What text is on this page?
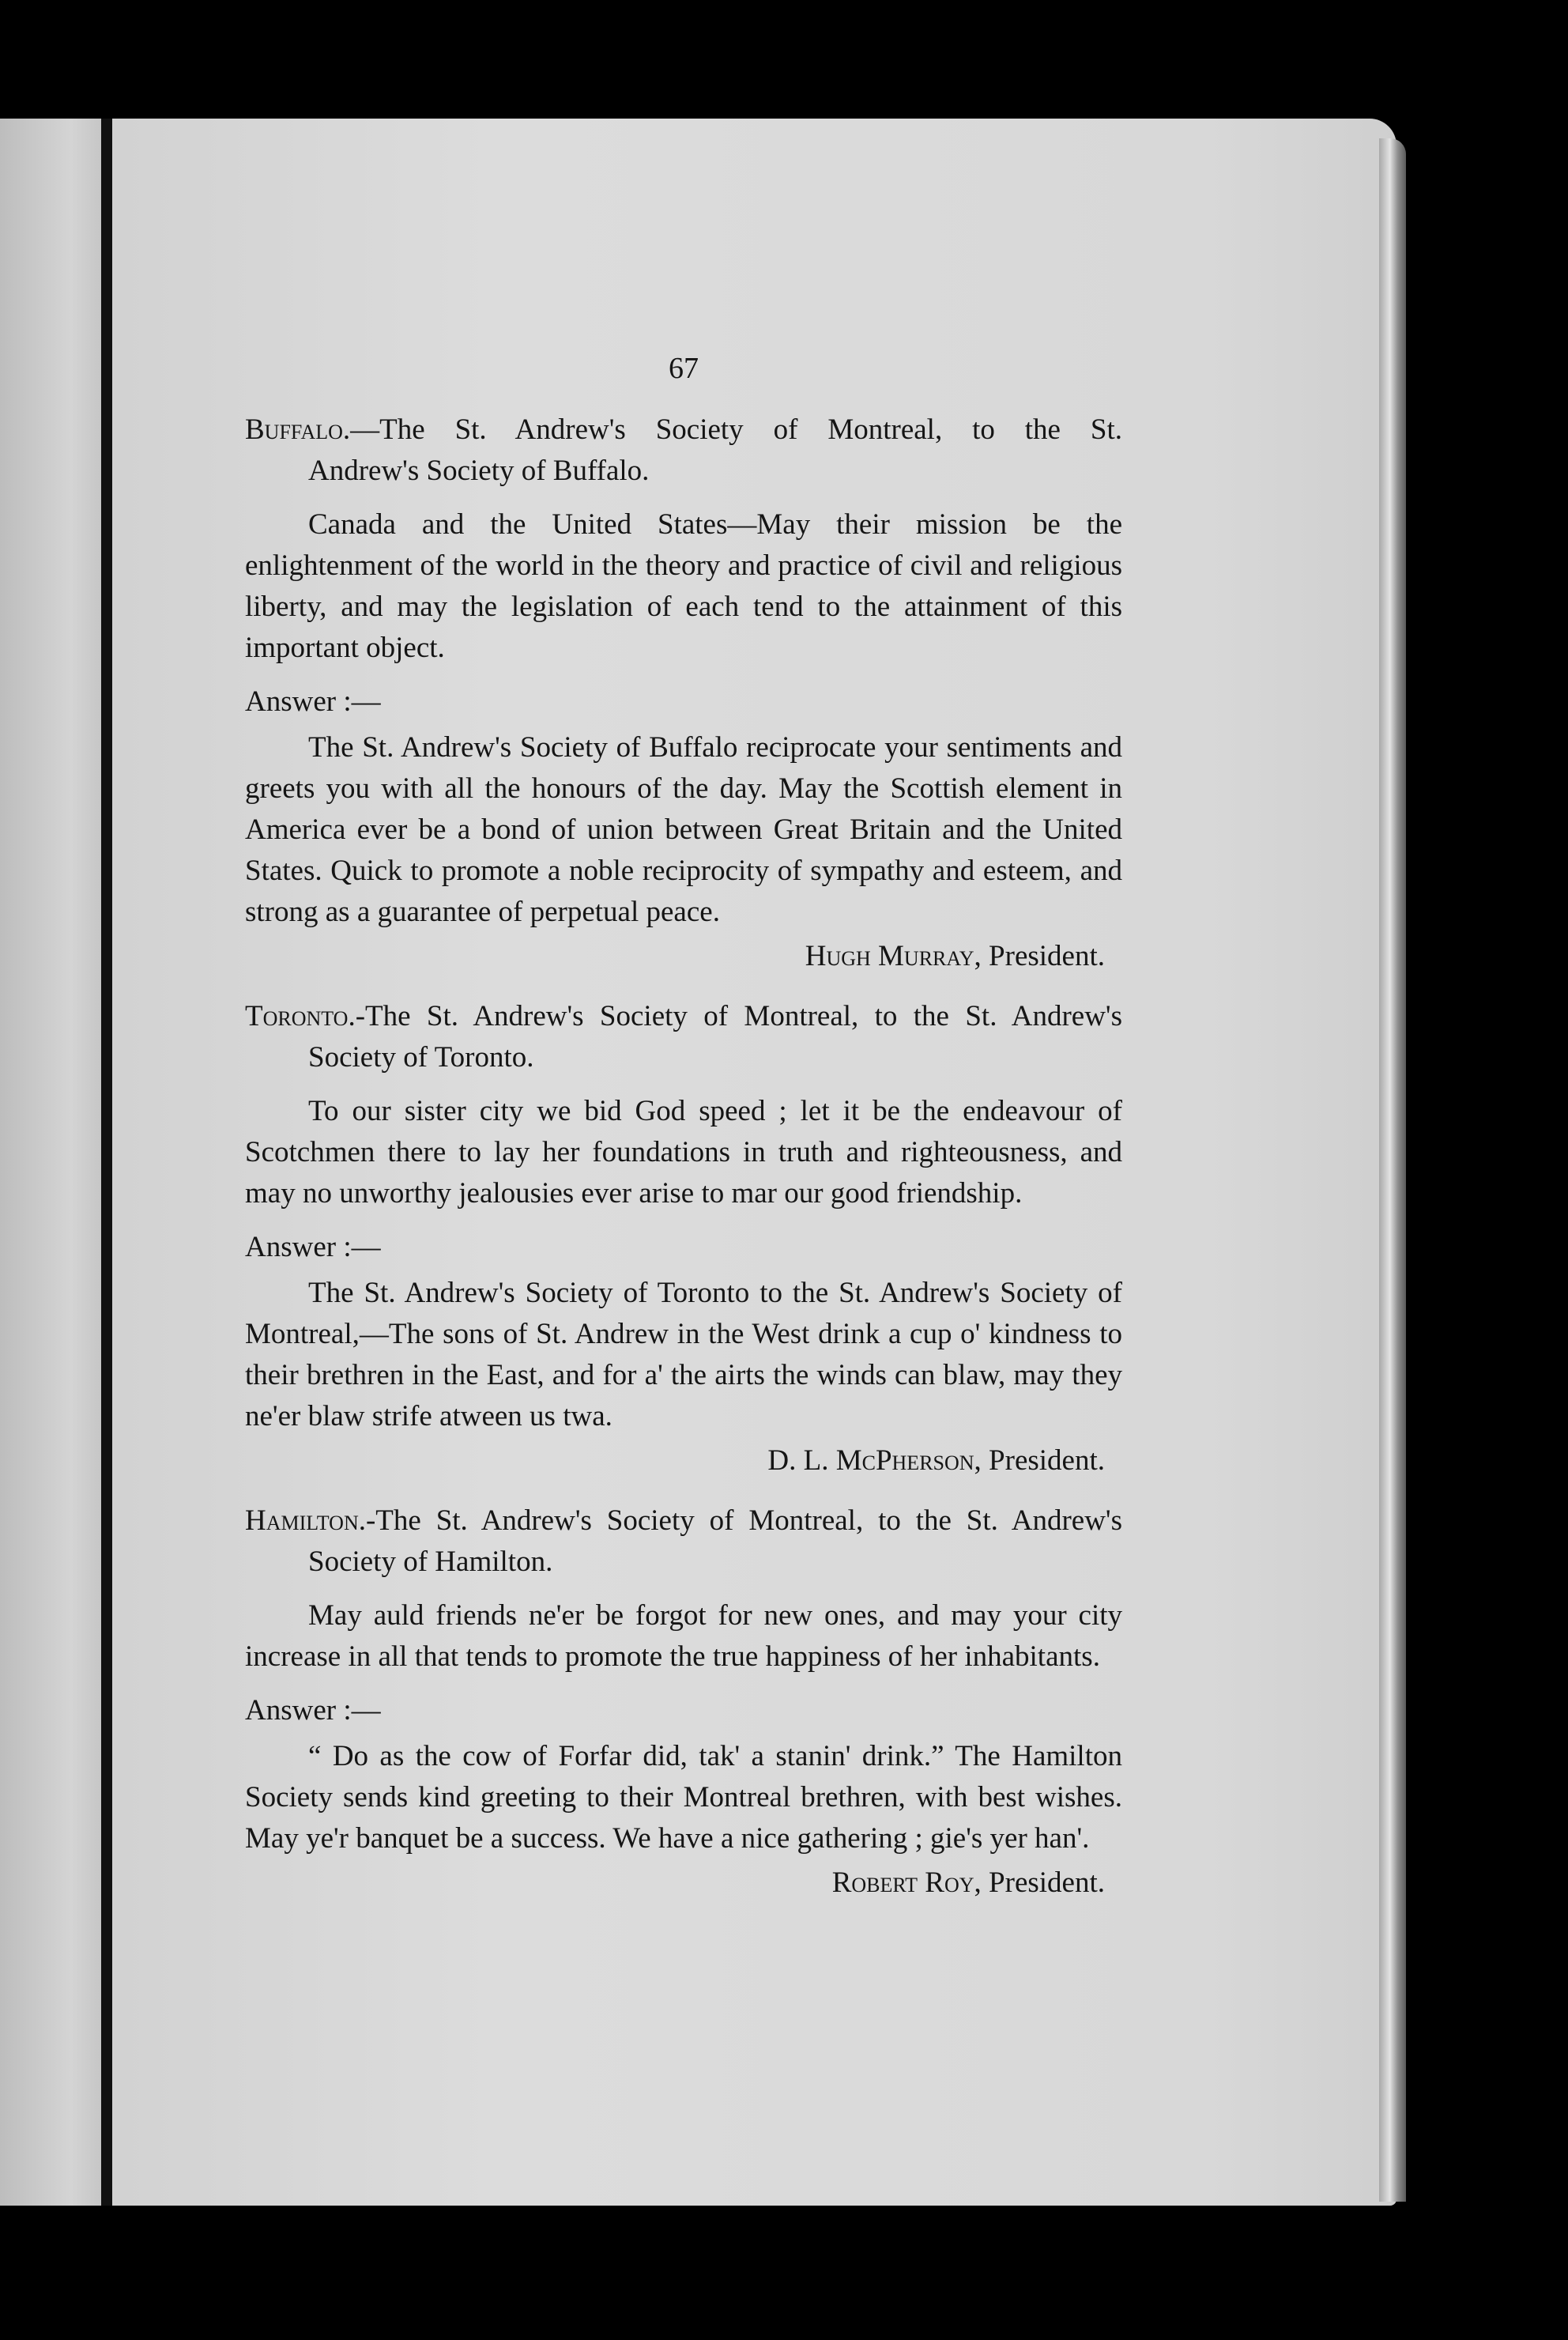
67

Buffalo.—The St. Andrew's Society of Montreal, to the St.

Andrew's Society of Buffalo.

Canada and the United States—May their mission be the enlightenment of the world in the theory and practice of civil and religious liberty, and may the legislation of each tend to the attainment of this important object.

Answer :—

The St. Andrew's Society of Buffalo reciprocate your sentiments and greets you with all the honours of the day. May the Scottish element in America ever be a bond of union between Great Britain and the United States. Quick to promote a noble reciprocity of sympathy and esteem, and strong as a guarantee of perpetual peace.

Hugh Murray, President.

Toronto.-The St. Andrew's Society of Montreal, to the St. Andrew's

Society of Toronto.

To our sister city we bid God speed ; let it be the endeavour of Scotchmen there to lay her foundations in truth and righteousness, and may no unworthy jealousies ever arise to mar our good friendship.

Answer :—

The St. Andrew's Society of Toronto to the St. Andrew's Society of Montreal,—The sons of St. Andrew in the West drink a cup o' kindness to their brethren in the East, and for a' the airts the winds can blaw, may they ne'er blaw strife atween us twa.

D. L. McPherson, President.

Hamilton.-The St. Andrew's Society of Montreal, to the St. Andrew's

Society of Hamilton.

May auld friends ne'er be forgot for new ones, and may your city increase in all that tends to promote the true happiness of her inhabitants.

Answer :—

“ Do as the cow of Forfar did, tak' a stanin' drink.” The Hamilton Society sends kind greeting to their Montreal brethren, with best wishes. May ye'r banquet be a success. We have a nice gathering ; gie's yer han'.

Robert Roy, President.
